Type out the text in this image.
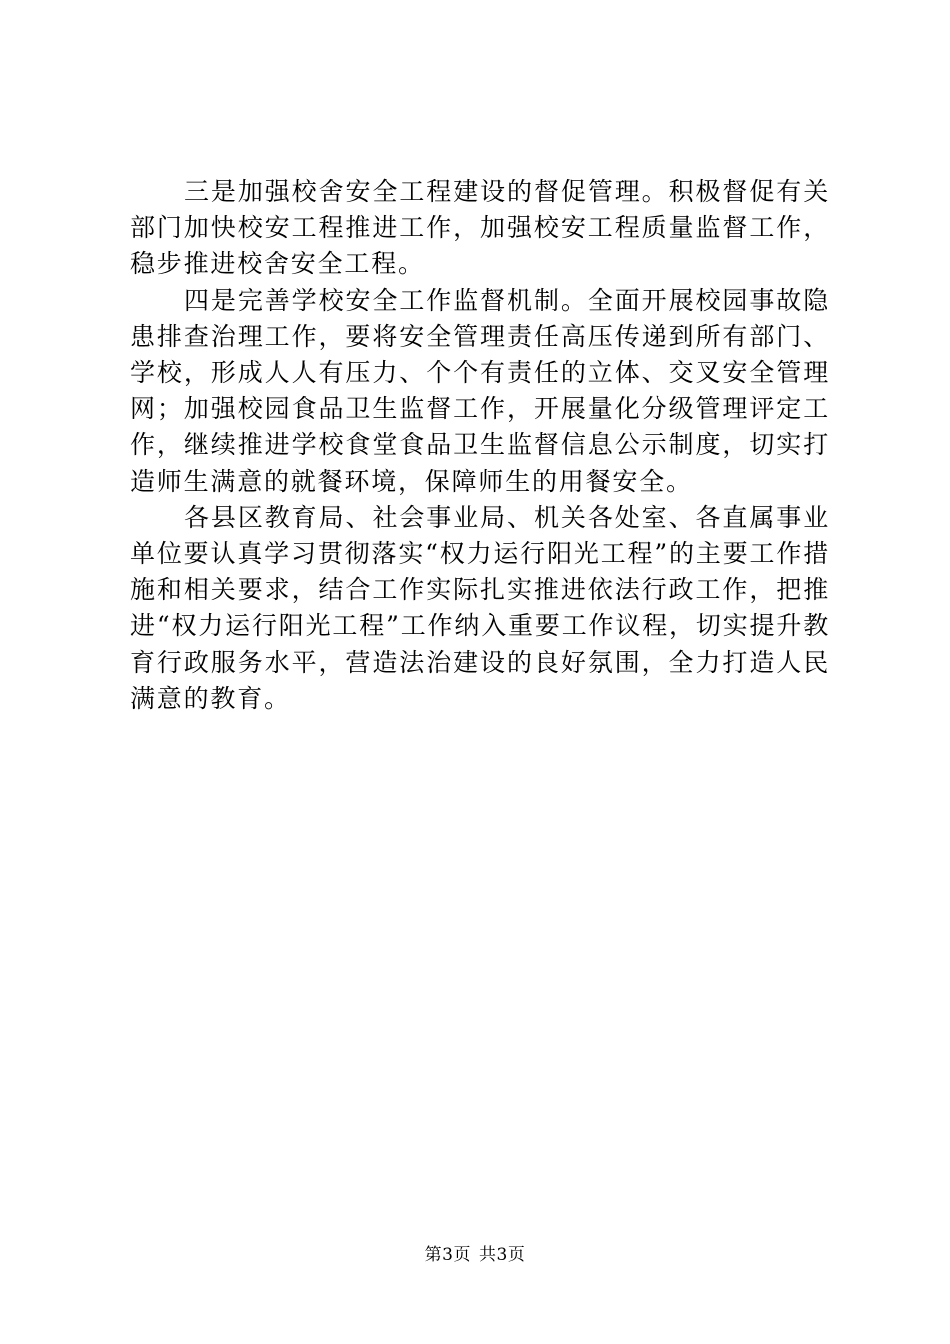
三是加强校舍安全工程建设的督促管理。积极督促有关部门加快校安工程推进工作，加强校安工程质量监督工作，稳步推进校舍安全工程。

四是完善学校安全工作监督机制。全面开展校园事故隐患排查治理工作，要将安全管理责任高压传递到所有部门、学校，形成人人有压力、个个有责任的立体、交叉安全管理网；加强校园食品卫生监督工作，开展量化分级管理评定工作，继续推进学校食堂食品卫生监督信息公示制度，切实打造师生满意的就餐环境，保障师生的用餐安全。

各县区教育局、社会事业局、机关各处室、各直属事业单位要认真学习贯彻落实“权力运行阳光工程”的主要工作措施和相关要求，结合工作实际扎实推进依法行政工作，把推进“权力运行阳光工程”工作纳入重要工作议程，切实提升教育行政服务水平，营造法治建设的良好氛围，全力打造人民满意的教育。

第3页 共3页
